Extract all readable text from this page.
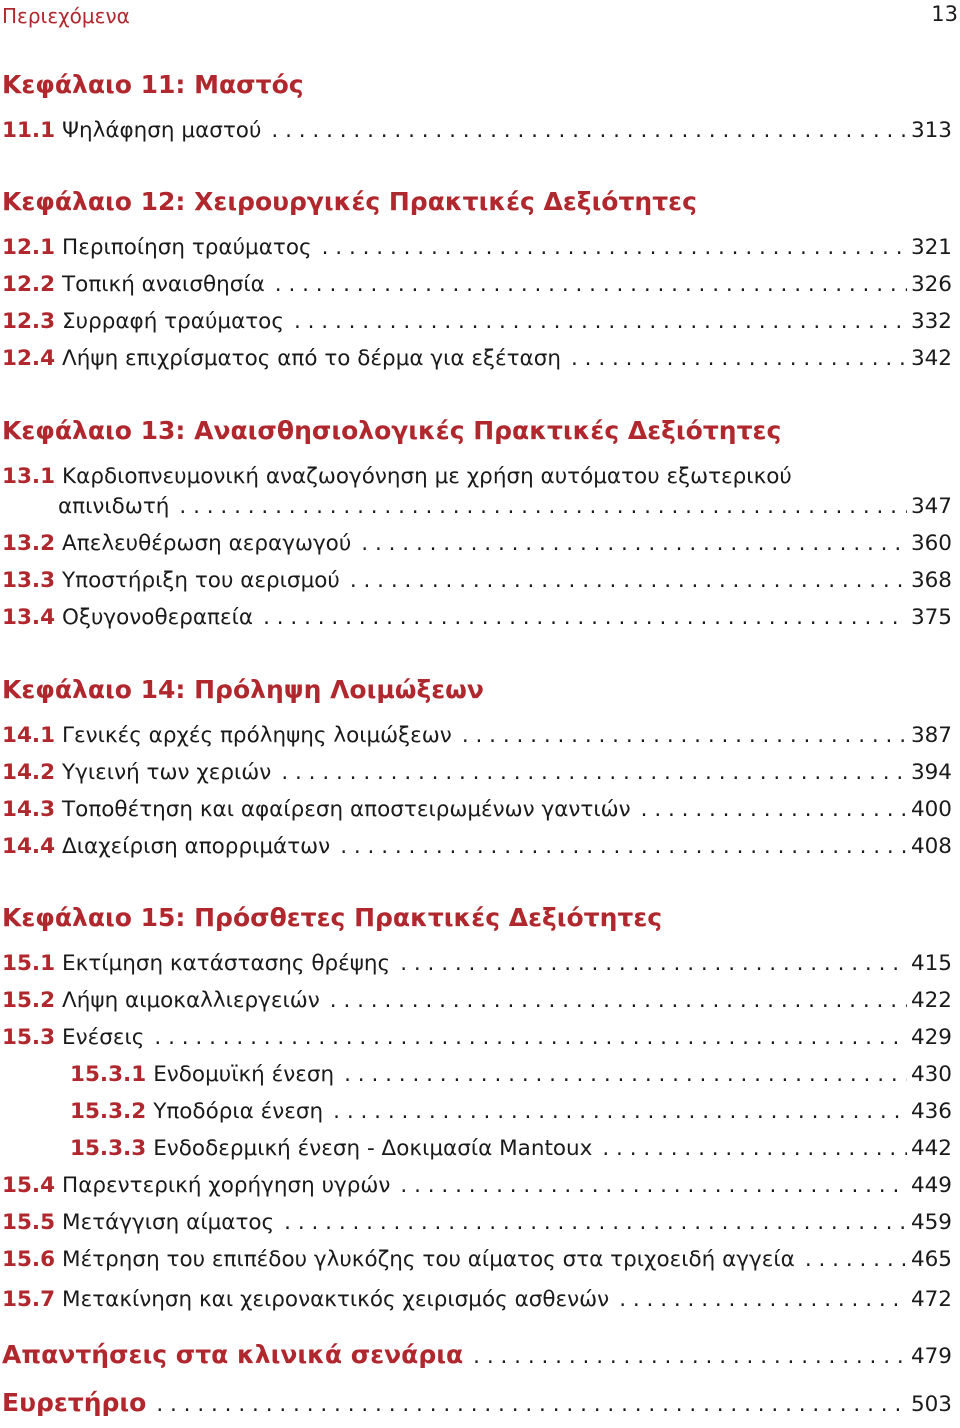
Περιεχόμενα	13
Κεφάλαιο 11: Μαστός
11.1 Ψηλάφηση μαστού . . .	313
Κεφάλαιο 12: Χειρουργικές Πρακτικές Δεξιότητες
12.1 Περιποίηση τραύματος . . .	321
12.2 Τοπική αναισθησία . . .	326
12.3 Συρραφή τραύματος . . .	332
12.4 Λήψη επιχρίσματος από το δέρμα για εξέταση . . .	342
Κεφάλαιο 13: Αναισθησιολογικές Πρακτικές Δεξιότητες
13.1 Καρδιοπνευμονική αναζωογόνηση με χρήση αυτόματου εξωτερικού
απινιδωτή . . .	347
13.2 Απελευθέρωση αεραγωγού . . .	360
13.3 Υποστήριξη του αερισμού . . .	368
13.4 Οξυγονοθεραπεία . . .	375
Κεφάλαιο 14: Πρόληψη Λοιμώξεων
14.1 Γενικές αρχές πρόληψης λοιμώξεων . . .	387
14.2 Υγιεινή των χεριών . . .	394
14.3 Τοποθέτηση και αφαίρεση αποστειρωμένων γαντιών . . .	400
14.4 Διαχείριση απορριμάτων . . .	408
Κεφάλαιο 15: Πρόσθετες Πρακτικές Δεξιότητες
15.1 Εκτίμηση κατάστασης θρέψης . . .	415
15.2 Λήψη αιμοκαλλιεργειών . . .	422
15.3 Ενέσεις . . .	429
15.3.1 Ενδομυϊκή ένεση . . .	430
15.3.2 Υποδόρια ένεση . . .	436
15.3.3 Ενδοδερμική ένεση - Δοκιμασία Mantoux . . .	442
15.4 Παρεντερική χορήγηση υγρών . . .	449
15.5 Μετάγγιση αίματος . . .	459
15.6 Μέτρηση του επιπέδου γλυκόζης του αίματος στα τριχοειδή αγγεία . . .	465
15.7 Μετακίνηση και χειρονακτικός χειρισμός ασθενών . . .	472
Απαντήσεις στα κλινικά σενάρια . . .	479
Ευρετήριο . . .	503
